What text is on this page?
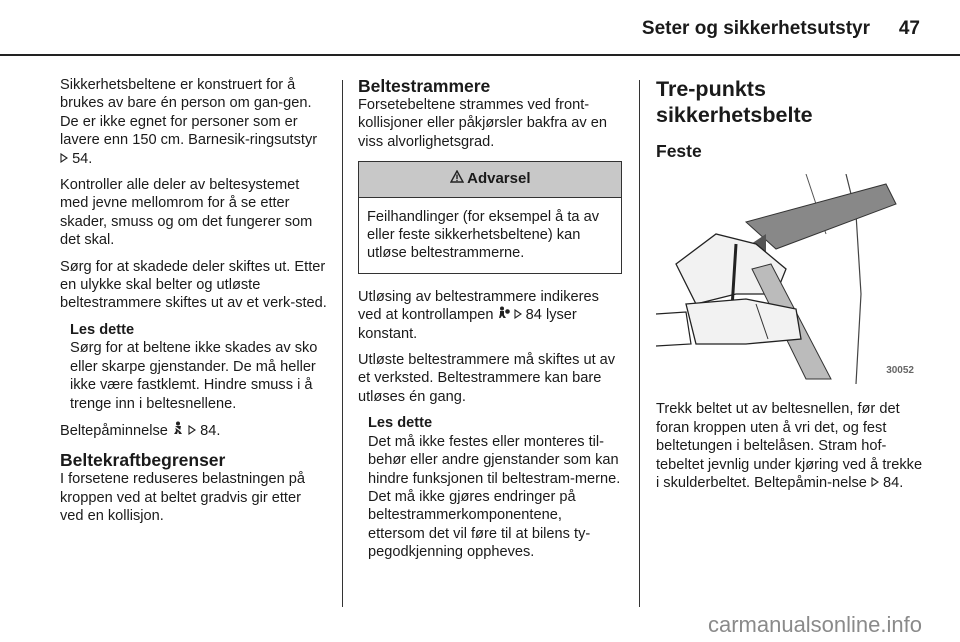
Seter og sikkerhetsutstyr 47

Sikkerhetsbeltene er konstruert for å brukes av bare én person om gan-gen. De er ikke egnet for personer som er lavere enn 150 cm. Barnesik-ringsutstyr  54.

Kontroller alle deler av beltesystemet med jevne mellomrom for å se etter skader, smuss og om det fungerer som det skal.

Sørg for at skadede deler skiftes ut. Etter en ulykke skal belter og utløste beltestrammere skiftes ut av et verk-sted.

Les dette
Sørg for at beltene ikke skades av sko eller skarpe gjenstander. De må heller ikke være fastklemt. Hindre smuss i å trenge inn i beltesnellene.

Beltepåminnelse 84.

Beltekraftbegrenser

I forsetene reduseres belastningen på kroppen ved at beltet gradvis gir etter ved en kollisjon.

Beltestrammere

Forsetebeltene strammes ved front-kollisjoner eller påkjørsler bakfra av en viss alvorlighetsgrad.

Advarsel
Feilhandlinger (for eksempel å ta av eller feste sikkerhetsbeltene) kan utløse beltestrammerne.

Utløsing av beltestrammere indikeres ved at kontrollampen 84 lyser konstant.

Utløste beltestrammere må skiftes ut av et verksted. Beltestrammere kan bare utløses én gang.

Les dette
Det må ikke festes eller monteres til-behør eller andre gjenstander som kan hindre funksjonen til beltestram-merne. Det må ikke gjøres endringer på beltestrammerkomponentene, ettersom det vil føre til at bilens ty-pegodkjenning oppheves.
Tre-punkts sikkerhetsbelte
Feste
30052

Trekk beltet ut av beltesnellen, før det foran kroppen uten å vri det, og fest beltetungen i beltelåsen. Stram hof-tebeltet jevnlig under kjøring ved å trekke i skulderbeltet. Beltepåmin-nelse 84.

carmanualsonline.info
